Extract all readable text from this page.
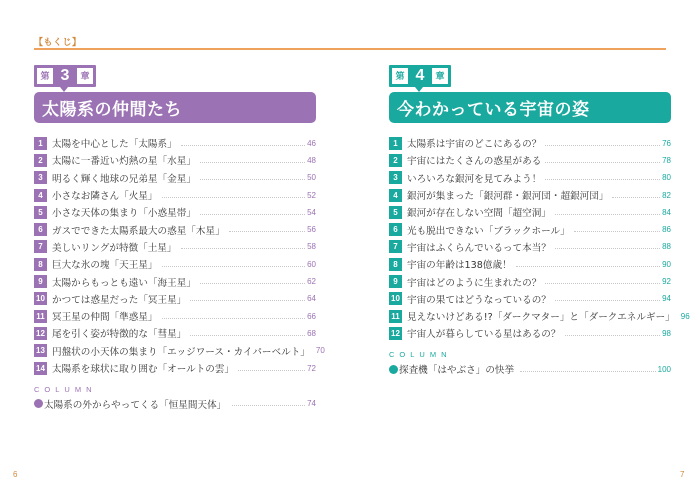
【もくじ】
第 3	章
太陽系の仲間たち
1 太陽を中心とした「太陽系」	46
2 太陽に一番近い灼熱の星「水星」	48
3 明るく輝く地球の兄弟星「金星」	50
4 小さなお隣さん「火星」	52
5 小さな天体の集まり「小惑星帯」	54
6 ガスでできた太陽系最大の惑星「木星」	56
7 美しいリングが特徴「土星」	58
8 巨大な氷の塊「天王星」	60
9 太陽からもっとも遠い「海王星」	62
10 かつては惑星だった「冥王星」	64
11 冥王星の仲間「準惑星」	66
12 尾を引く姿が特徴的な「彗星」	68
13 円盤状の小天体の集まり「エッジワース・カイパーベルト」 70
14 太陽系を球状に取り囲む「オールトの雲」	72
COLUMN
太陽系の外からやってくる「恒星間天体」	74
第 4	章
今わかっている宇宙の姿
1 太陽系は宇宙のどこにあるの？	76
2 宇宙にはたくさんの惑星がある	78
3 いろいろな銀河を見てみよう！	80
4 銀河が集まった「銀河群・銀河団・超銀河団」	82
5 銀河が存在しない空間「超空洞」	84
6 光も脱出できない「ブラックホール」	86
7 宇宙はふくらんでいるって本当？	88
8 宇宙の年齢は138億歳！	90
9 宇宙はどのように生まれたの？	92
10 宇宙の果てはどうなっているの？	94
11 見えないけどある!?「ダークマター」と「ダークエネルギー」 96
12 宇宙人が暮らしている星はあるの？	98
COLUMN
探査機「はやぶさ」の快挙	100
6	7
